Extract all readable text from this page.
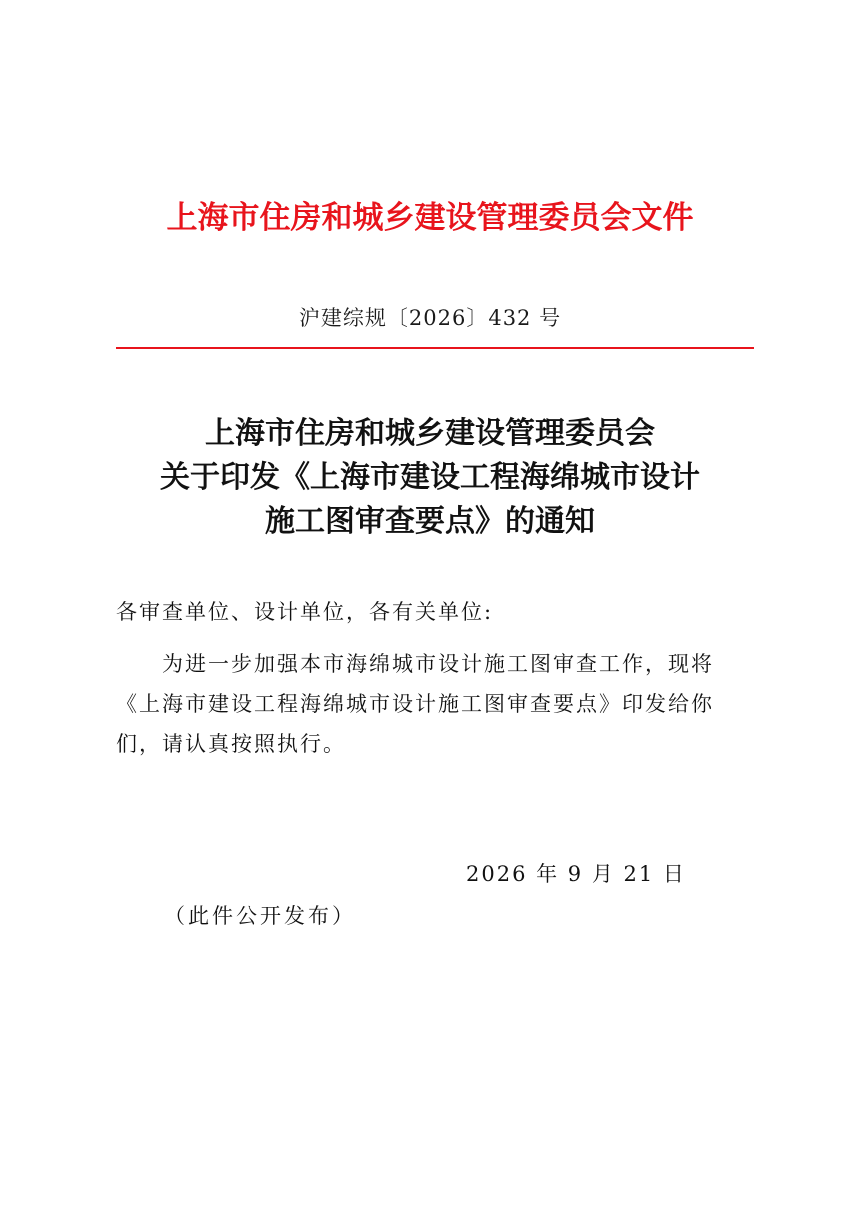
上海市住房和城乡建设管理委员会文件
沪建综规〔2026〕432 号
上海市住房和城乡建设管理委员会
关于印发《上海市建设工程海绵城市设计
施工图审查要点》的通知
各审查单位、设计单位，各有关单位:
为进一步加强本市海绵城市设计施工图审查工作，现将
《上海市建设工程海绵城市设计施工图审查要点》印发给你
们，请认真按照执行。
2026 年 9 月 21 日
（此件公开发布）
